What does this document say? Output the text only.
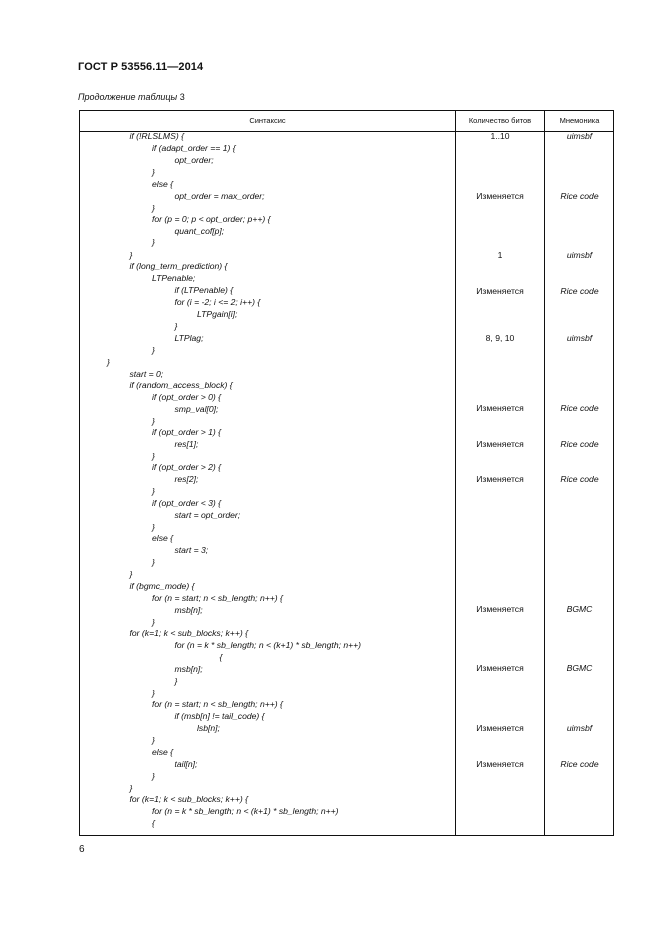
ГОСТ Р 53556.11—2014
Продолжение таблицы 3
Синтаксис	Количество битов	Мнемоника
if (!RLSLMS) {
if (adapt_order == 1) {
opt_order;
}
else {
opt_order = max_order;
}
for (p = 0; p < opt_order; p++) {
quant_cof[p];
}
}
if (long_term_prediction) {
LTPenable;
if (LTPenable) {
for (i = -2; i <= 2; i++) {
LTPgain[i];
}
LTPlag;
}
}
start = 0;
if (random_access_block) {
if (opt_order > 0) {
smp_val[0];
}
if (opt_order > 1) {
res[1];
}
if (opt_order > 2) {
res[2];
}
if (opt_order < 3) {
start = opt_order;
}
else {
start = 3;
}
}
if (bgmc_mode) {
for (n = start; n < sb_length; n++) {
msb[n];
}
for (k=1; k < sub_blocks; k++) {
for (n = k * sb_length; n < (k+1) * sb_length; n++)
{
msb[n];
}
}
for (n = start; n < sb_length; n++) {
if (msb[n] != tail_code) {
lsb[n];
}
else {
tail[n];
}
}
for (k=1; k < sub_blocks; k++) {
for (n = k * sb_length; n < (k+1) * sb_length; n++)
{
1..10
Изменяется
1
Изменяется
8, 9, 10
Изменяется
Изменяется
Изменяется
Изменяется
Изменяется
Изменяется
Изменяется
uimsbf
Rice code
uimsbf
Rice code
uimsbf
Rice code
Rice code
Rice code
BGMC
BGMC
uimsbf
Rice code
6
